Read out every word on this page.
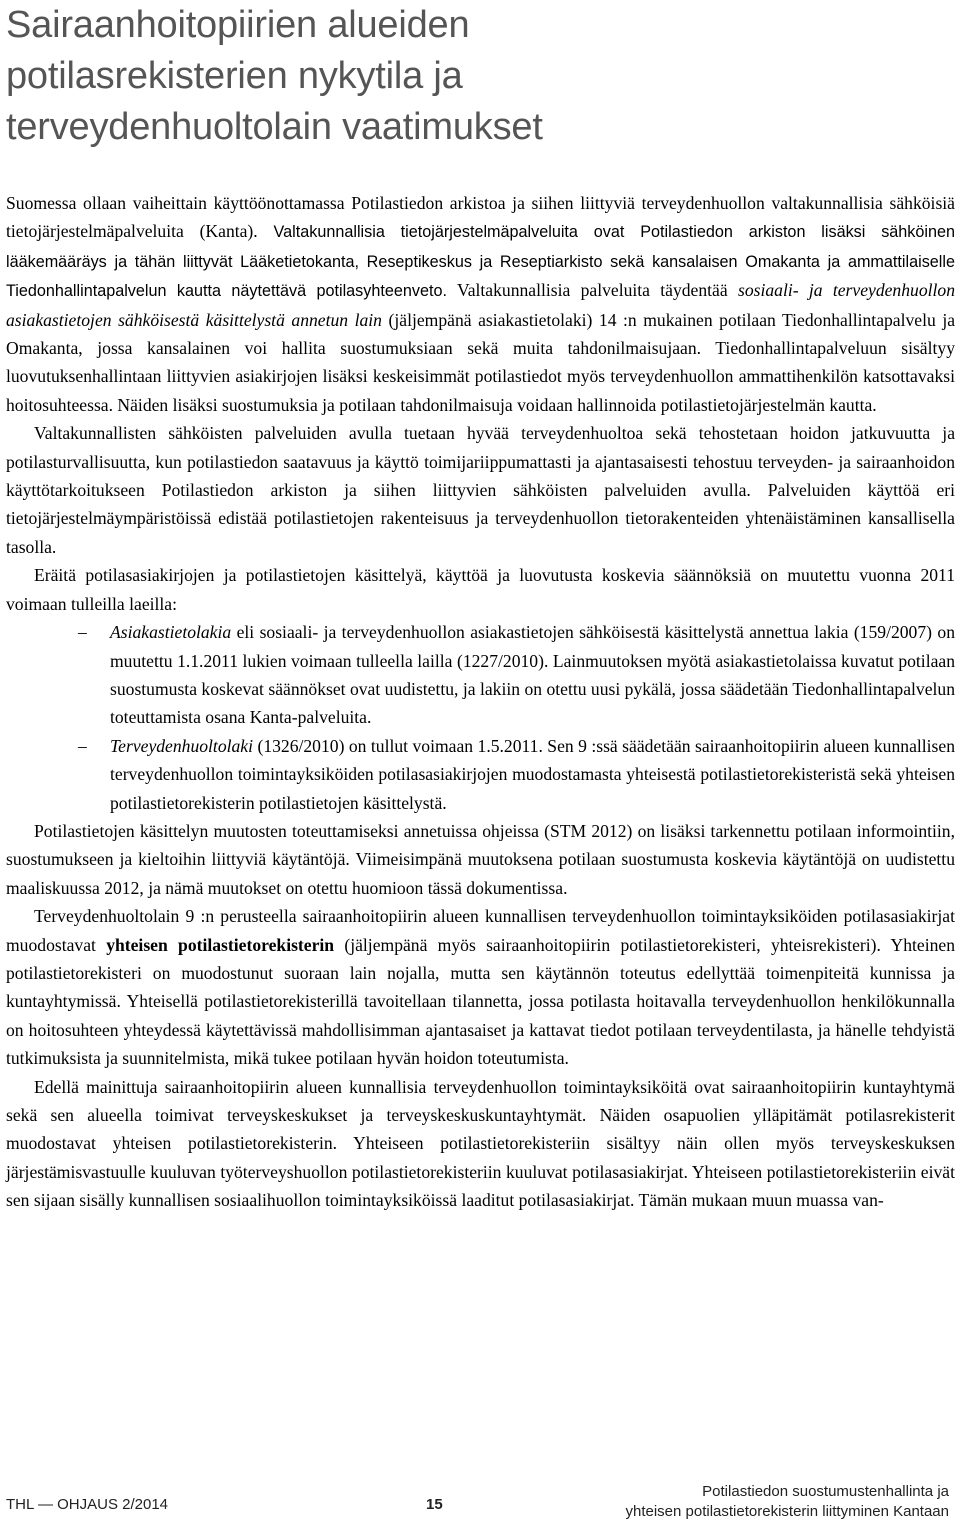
Sairaanhoitopiirien alueiden
potilasrekisterien nykytila ja
terveydenhuoltolain vaatimukset

Suomessa ollaan vaiheittain käyttöönottamassa Potilastiedon arkistoa ja siihen liittyviä terveydenhuollon valtakunnallisia sähköisiä tietojärjestelmäpalveluita (Kanta). Valtakunnallisia tietojärjestelmäpalveluita ovat Potilastiedon arkiston lisäksi sähköinen lääkemääräys ja tähän liittyvät Lääketietokanta, Reseptikeskus ja Reseptiarkisto sekä kansalaisen Omakanta ja ammattilaiselle Tiedonhallintapalvelun kautta näytettävä potilasyhteenveto. Valtakunnallisia palveluita täydentää sosiaali- ja terveydenhuollon asiakastietojen sähköisestä käsittelystä annetun lain (jäljempänä asiakastietolaki) 14 :n mukainen potilaan Tiedonhallintapalvelu ja Omakanta, jossa kansalainen voi hallita suostumuksiaan sekä muita tahdonilmaisujaan. Tiedonhallintapalveluun sisältyy luovutuksenhallintaan liittyvien asiakirjojen lisäksi keskeisimmät potilastiedot myös terveydenhuollon ammattihenkilön katsottavaksi hoitosuhteessa. Näiden lisäksi suostumuksia ja potilaan tahdonilmaisuja voidaan hallinnoida potilastietojärjestelmän kautta.

Valtakunnallisten sähköisten palveluiden avulla tuetaan hyvää terveydenhuoltoa sekä tehostetaan hoidon jatkuvuutta ja potilasturvallisuutta, kun potilastiedon saatavuus ja käyttö toimijariippumattasti ja ajantasaisesti tehostuu terveyden- ja sairaanhoidon käyttötarkoitukseen Potilastiedon arkiston ja siihen liittyvien sähköisten palveluiden avulla. Palveluiden käyttöä eri tietojärjestelmäympäristöissä edistää potilastietojen rakenteisuus ja terveydenhuollon tietorakenteiden yhtenäistäminen kansallisella tasolla.

Eräitä potilasasiakirjojen ja potilastietojen käsittelyä, käyttöä ja luovutusta koskevia säännöksiä on muutettu vuonna 2011 voimaan tulleilla laeilla:

– Asiakastietolakia eli sosiaali- ja terveydenhuollon asiakastietojen sähköisestä käsittelystä annettua lakia (159/2007) on muutettu 1.1.2011 lukien voimaan tulleella lailla (1227/2010). Lainmuutoksen myötä asiakastietolaissa kuvatut potilaan suostumusta koskevat säännökset ovat uudistettu, ja lakiin on otettu uusi pykälä, jossa säädetään Tiedonhallintapalvelun toteuttamista osana Kanta-palveluita.
– Terveydenhuoltolaki (1326/2010) on tullut voimaan 1.5.2011. Sen 9 :ssä säädetään sairaanhoitopiirin alueen kunnallisen terveydenhuollon toimintayksiköiden potilasasiakirjojen muodostamasta yhteisestä potilastietorekisteristä sekä yhteisen potilastietorekisterin potilastietojen käsittelystä.

Potilastietojen käsittelyn muutosten toteuttamiseksi annetuissa ohjeissa (STM 2012) on lisäksi tarkennettu potilaan informointiin, suostumukseen ja kieltoihin liittyviä käytäntöjä. Viimeisimpänä muutoksena potilaan suostumusta koskevia käytäntöjä on uudistettu maaliskuussa 2012, ja nämä muutokset on otettu huomioon tässä dokumentissa.

Terveydenhuoltolain 9 :n perusteella sairaanhoitopiirin alueen kunnallisen terveydenhuollon toimintayksiköiden potilasasiakirjat muodostavat yhteisen potilastietorekisterin (jäljempänä myös sairaanhoitopiirin potilastietorekisteri, yhteisrekisteri). Yhteinen potilastietorekisteri on muodostunut suoraan lain nojalla, mutta sen käytännön toteutus edellyttää toimenpiteitä kunnissa ja kuntayhtymissä. Yhteisellä potilastietorekisterillä tavoitellaan tilannetta, jossa potilasta hoitavalla terveydenhuollon henkilökunnalla on hoitosuhteen yhteydessä käytettävissä mahdollisimman ajantasaiset ja kattavat tiedot potilaan terveydentilasta, ja hänelle tehdyistä tutkimuksista ja suunnitelmista, mikä tukee potilaan hyvän hoidon toteutumista.

Edellä mainittuja sairaanhoitopiirin alueen kunnallisia terveydenhuollon toimintayksiköitä ovat sairaanhoitopiirin kuntayhtymä sekä sen alueella toimivat terveyskeskukset ja terveyskeskuskuntayhtymät. Näiden osapuolien ylläpitämät potilasrekisterit muodostavat yhteisen potilastietorekisterin. Yhteiseen potilastietorekisteriin sisältyy näin ollen myös terveyskeskuksen järjestämisvastuulle kuuluvan työterveyshuollon potilastietorekisteriin kuuluvat potilasasiakirjat. Yhteiseen potilastietorekisteriin eivät sen sijaan sisälly kunnallisen sosiaalihuollon toimintayksiköissä laaditut potilasasiakirjat. Tämän mukaan muun muassa van-

THL — OHJAUS 2/2014	15
Potilastiedon suostumustenhallinta ja
yhteisen potilastietorekisterin liittyminen Kantaan
